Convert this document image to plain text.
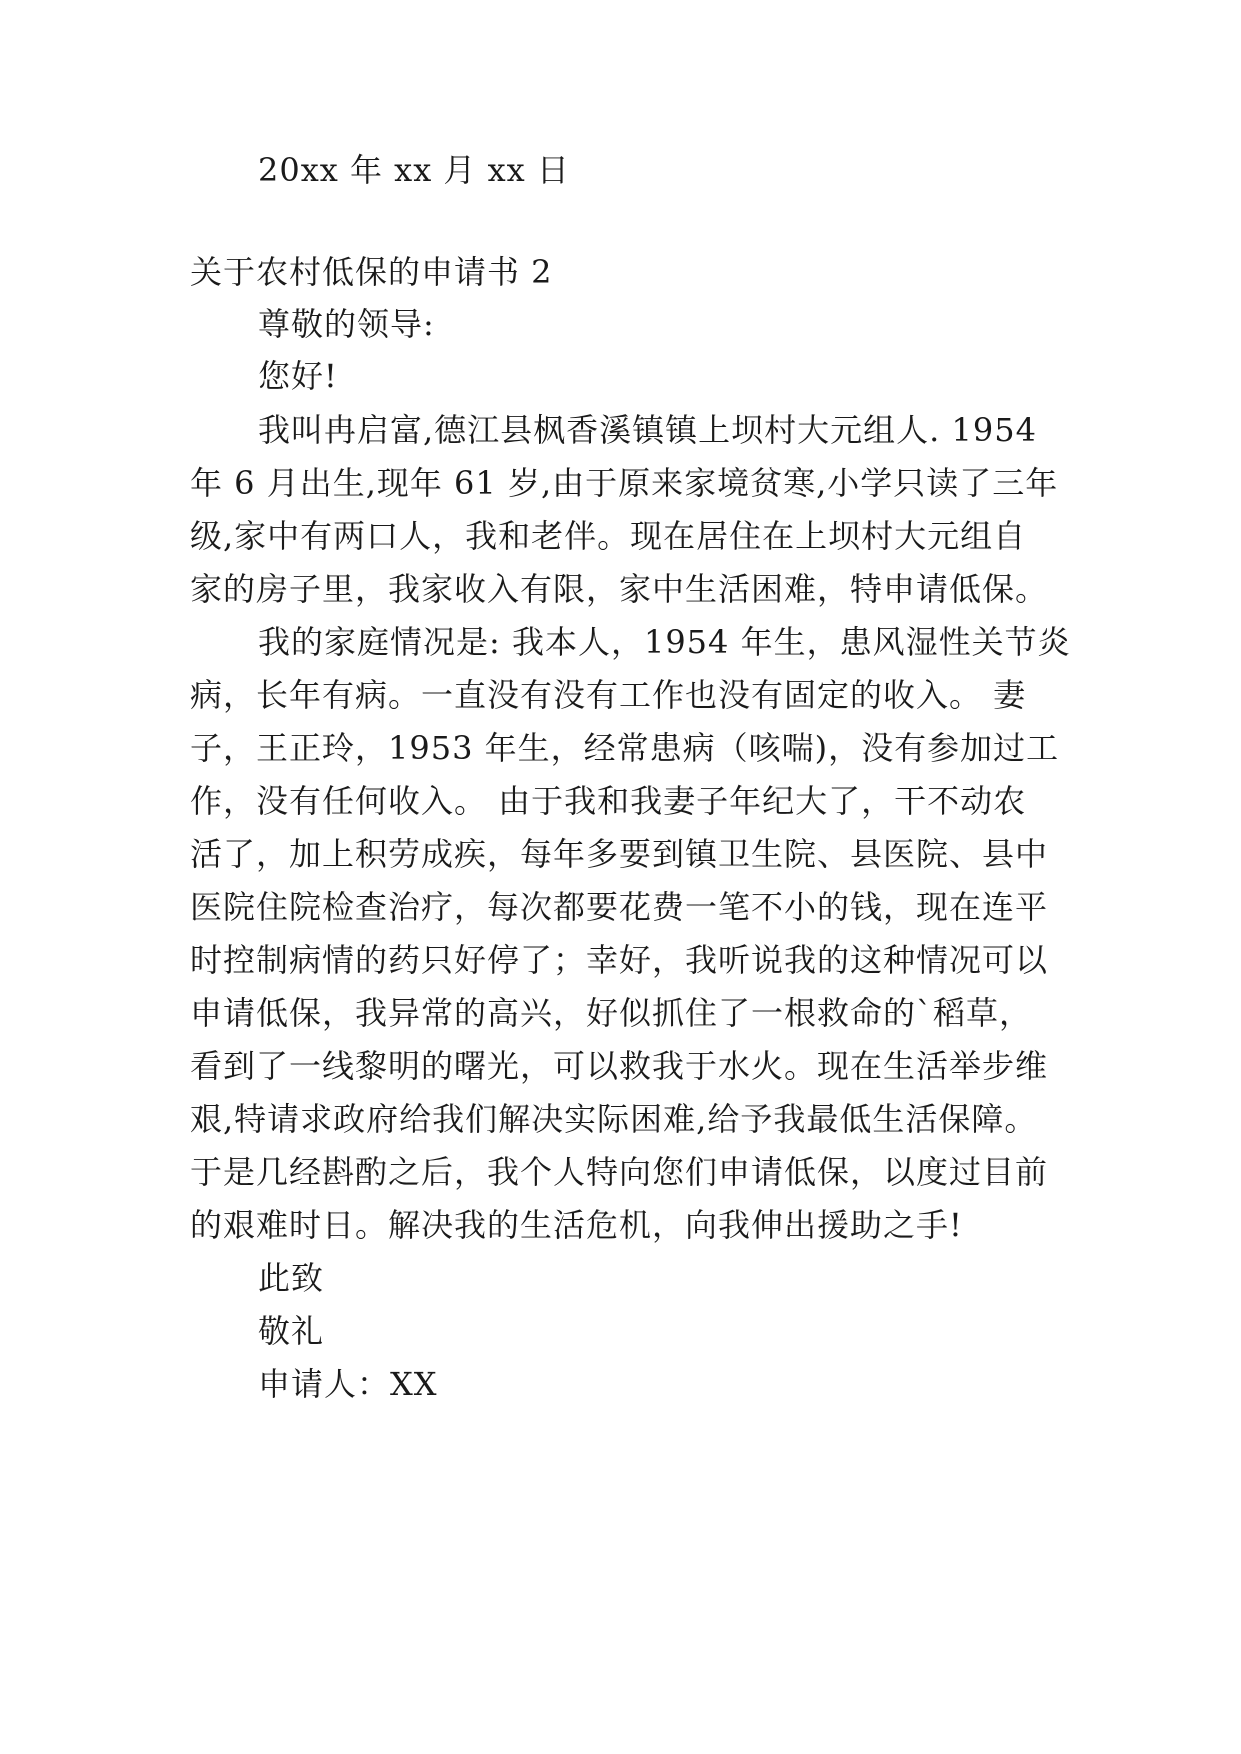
20xx 年 xx 月 xx 日
关于农村低保的申请书 2
尊敬的领导:
您好!
我叫冉启富,德江县枫香溪镇镇上坝村大元组人. 1954
年 6 月出生,现年 61 岁,由于原来家境贫寒,小学只读了三年
级,家中有两口人，我和老伴。现在居住在上坝村大元组自
家的房子里，我家收入有限，家中生活困难，特申请低保。
我的家庭情况是: 我本人，1954 年生，患风湿性关节炎
病，长年有病。一直没有没有工作也没有固定的收入。 妻
子，王正玲，1953 年生，经常患病（咳喘)，没有参加过工
作，没有任何收入。 由于我和我妻子年纪大了，干不动农
活了，加上积劳成疾，每年多要到镇卫生院、县医院、县中
医院住院检查治疗，每次都要花费一笔不小的钱，现在连平
时控制病情的药只好停了；幸好，我听说我的这种情况可以
申请低保，我异常的高兴，好似抓住了一根救命的`稻草，
看到了一线黎明的曙光，可以救我于水火。现在生活举步维
艰,特请求政府给我们解决实际困难,给予我最低生活保障。
于是几经斟酌之后，我个人特向您们申请低保，以度过目前
的艰难时日。解决我的生活危机，向我伸出援助之手!
此致
敬礼
申请人：XX
